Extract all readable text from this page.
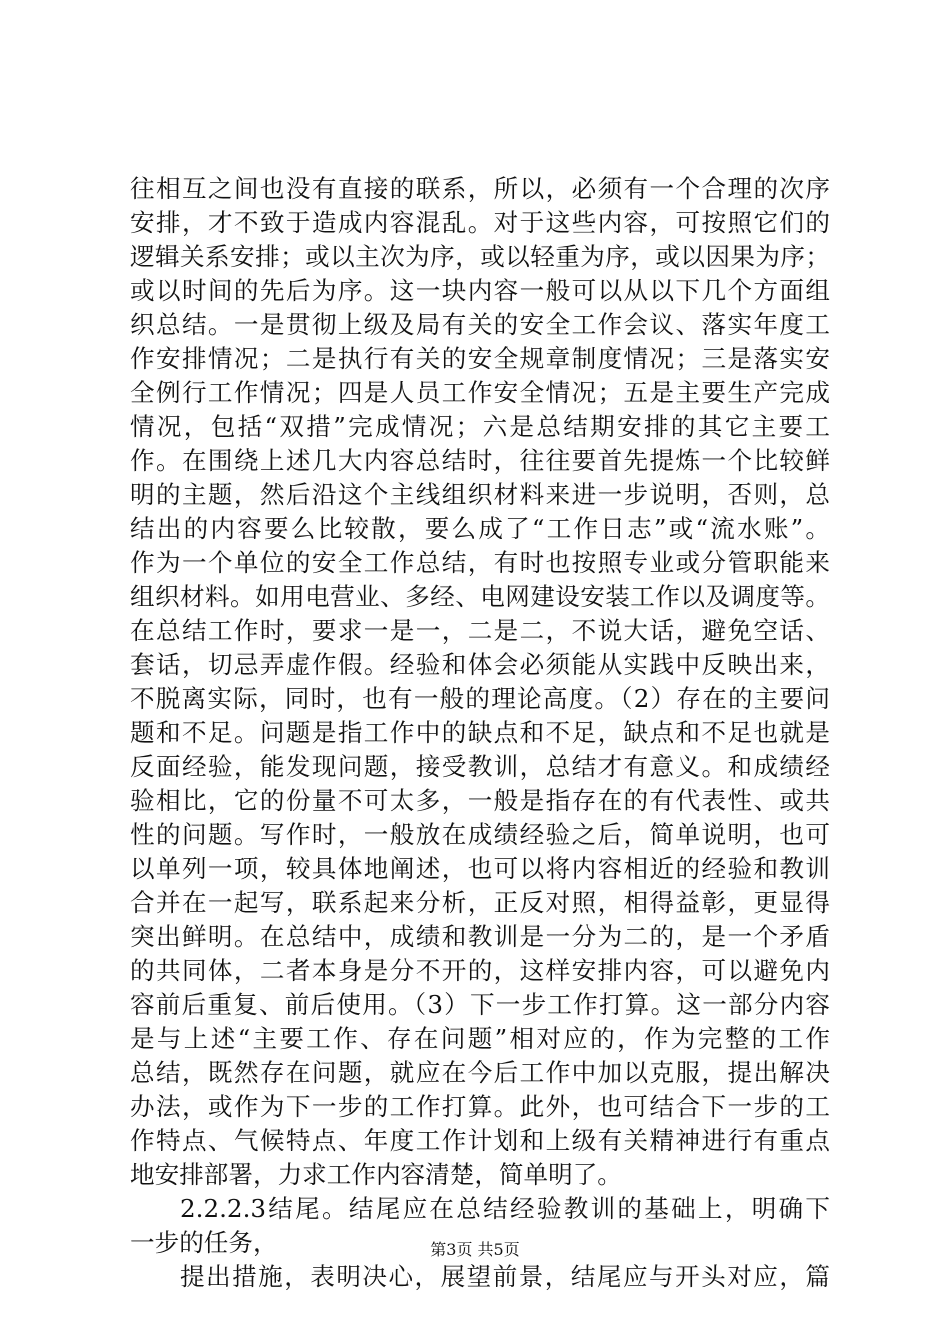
往相互之间也没有直接的联系，所以，必须有一个合理的次序
安排，才不致于造成内容混乱。对于这些内容，可按照它们的
逻辑关系安排；或以主次为序，或以轻重为序，或以因果为序；
或以时间的先后为序。这一块内容一般可以从以下几个方面组
织总结。一是贯彻上级及局有关的安全工作会议、落实年度工
作安排情况；二是执行有关的安全规章制度情况；三是落实安
全例行工作情况；四是人员工作安全情况；五是主要生产完成
情况，包括“双措”完成情况；六是总结期安排的其它主要工
作。在围绕上述几大内容总结时，往往要首先提炼一个比较鲜
明的主题，然后沿这个主线组织材料来进一步说明，否则，总
结出的内容要么比较散，要么成了“工作日志”或“流水账”。
作为一个单位的安全工作总结，有时也按照专业或分管职能来
组织材料。如用电营业、多经、电网建设安装工作以及调度等。
在总结工作时，要求一是一，二是二，不说大话，避免空话、
套话，切忌弄虚作假。经验和体会必须能从实践中反映出来，
不脱离实际，同时，也有一般的理论高度。（2）存在的主要问
题和不足。问题是指工作中的缺点和不足，缺点和不足也就是
反面经验，能发现问题，接受教训，总结才有意义。和成绩经
验相比，它的份量不可太多，一般是指存在的有代表性、或共
性的问题。写作时，一般放在成绩经验之后，简单说明，也可
以单列一项，较具体地阐述，也可以将内容相近的经验和教训
合并在一起写，联系起来分析，正反对照，相得益彰，更显得
突出鲜明。在总结中，成绩和教训是一分为二的，是一个矛盾
的共同体，二者本身是分不开的，这样安排内容，可以避免内
容前后重复、前后使用。（3）下一步工作打算。这一部分内容
是与上述“主要工作、存在问题”相对应的，作为完整的工作
总结，既然存在问题，就应在今后工作中加以克服，提出解决
办法，或作为下一步的工作打算。此外，也可结合下一步的工
作特点、气候特点、年度工作计划和上级有关精神进行有重点
地安排部署，力求工作内容清楚，简单明了。
2.2.2.3结尾。结尾应在总结经验教训的基础上，明确下
一步的任务，
提出措施，表明决心，展望前景，结尾应与开头对应，篇
第3页 共5页
